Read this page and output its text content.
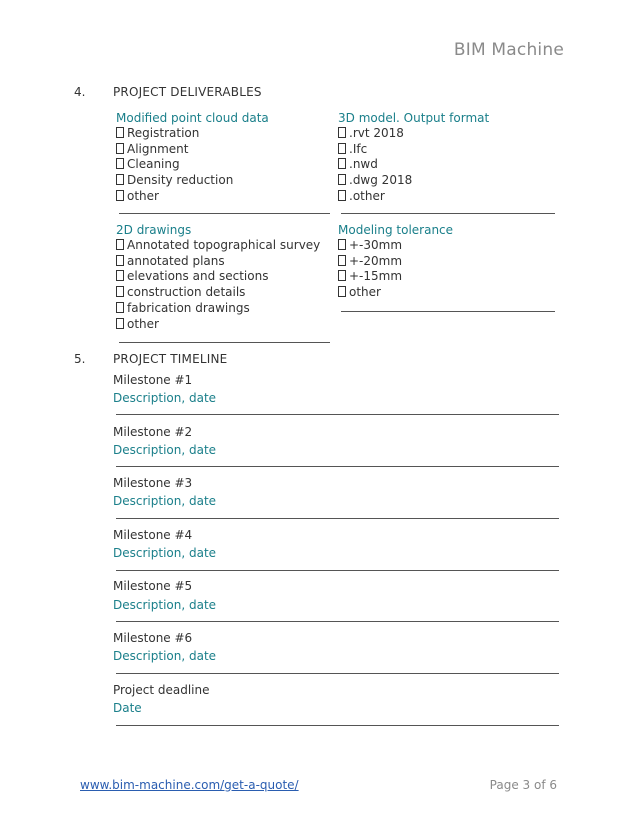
BIM Machine
4. PROJECT DELIVERABLES
Modified point cloud data
Registration
Alignment
Cleaning
Density reduction
other
3D model. Output format
.rvt 2018
.Ifc
.nwd
.dwg 2018
.other
2D drawings
Annotated topographical survey
annotated plans
elevations and sections
construction details
fabrication drawings
other
Modeling tolerance
+-30mm
+-20mm
+-15mm
other
5. PROJECT TIMELINE
Milestone #1
Description, date
Milestone #2
Description, date
Milestone #3
Description, date
Milestone #4
Description, date
Milestone #5
Description, date
Milestone #6
Description, date
Project deadline
Date
www.bim-machine.com/get-a-quote/	Page 3 of 6
